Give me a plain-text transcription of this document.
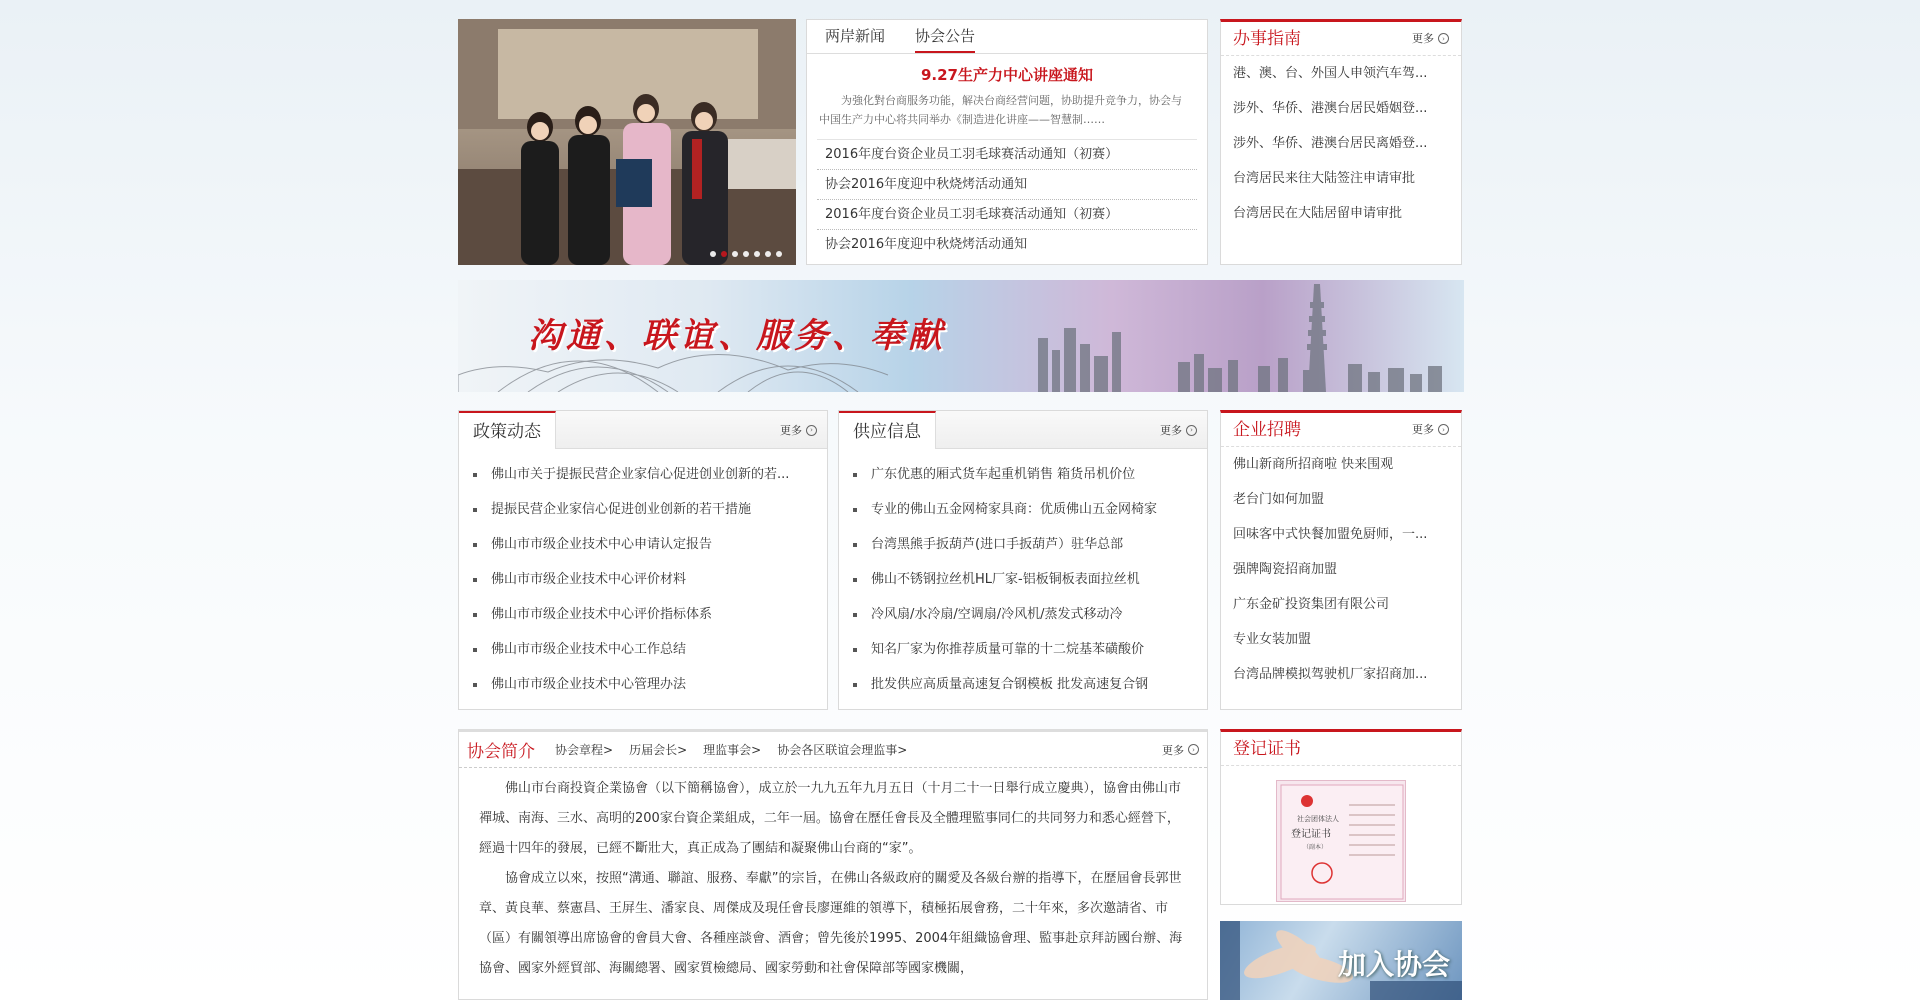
两岸新闻 协会公告
9.27生产力中心讲座通知
为強化對台商服务功能，解决台商经营问题，协助提升竞争力，协会与中国生产力中心将共同举办《制造进化讲座——智慧制……
2016年度台资企业员工羽毛球赛活动通知（初赛）
协会2016年度迎中秋烧烤活动通知
2016年度台资企业员工羽毛球赛活动通知（初赛）
协会2016年度迎中秋烧烤活动通知
办事指南	更多	›
港、澳、台、外国人申领汽车驾...
涉外、华侨、港澳台居民婚姻登...
涉外、华侨、港澳台居民离婚登...
台湾居民来往大陆签注申请审批
台湾居民在大陆居留申请审批
沟通、联谊、服务、奉献
政策动态	更多	›
佛山市关于提振民营企业家信心促进创业创新的若...
提振民营企业家信心促进创业创新的若干措施
佛山市市级企业技术中心申请认定报告
佛山市市级企业技术中心评价材料
佛山市市级企业技术中心评价指标体系
佛山市市级企业技术中心工作总结
佛山市市级企业技术中心管理办法
供应信息	更多	›
广东优惠的厢式货车起重机销售 箱货吊机价位
专业的佛山五金网椅家具商：优质佛山五金网椅家
台湾黑熊手扳葫芦(进口手扳葫芦）驻华总部
佛山不锈钢拉丝机HL厂家-铝板铜板表面拉丝机
冷风扇/水冷扇/空调扇/冷风机/蒸发式移动冷
知名厂家为你推荐质量可靠的十二烷基苯磺酸价
批发供应高质量高速复合钢模板 批发高速复合钢
企业招聘	更多	›
佛山新商所招商啦 快来围观
老台门如何加盟
回味客中式快餐加盟免厨师，一...
强牌陶瓷招商加盟
广东金矿投资集团有限公司
专业女装加盟
台湾品牌模拟驾驶机厂家招商加...
协会简介 协会章程> 历届会长> 理监事会> 协会各区联谊会理监事>	更多	›

佛山市台商投資企業協會（以下簡稱協會），成立於一九九五年九月五日（十月二十一日舉行成立慶典），協會由佛山市禪城、南海、三水、高明的200家台資企業組成，二年一屆。協會在歷任會長及全體理監事同仁的共同努力和悉心經營下，經過十四年的發展，已經不斷壯大，真正成為了團結和凝聚佛山台商的“家”。

協會成立以來，按照“溝通、聯誼、服務、奉獻”的宗旨，在佛山各級政府的關愛及各級台辦的指導下，在歷屆會長郭世章、黃良華、蔡憲昌、王屏生、潘家良、周傑成及現任會長廖運維的領導下，積極拓展會務，二十年來，多次邀請省、市（區）有關領導出席協會的會員大會、各種座談會、酒會；曾先後於1995、2004年組織協會理、監事赴京拜訪國台辦、海協會、國家外經貿部、海關總署、國家質檢總局、國家勞動和社會保障部等國家機關，

登记证书
社会团体法人
登记证书
（副本）
加入协会
